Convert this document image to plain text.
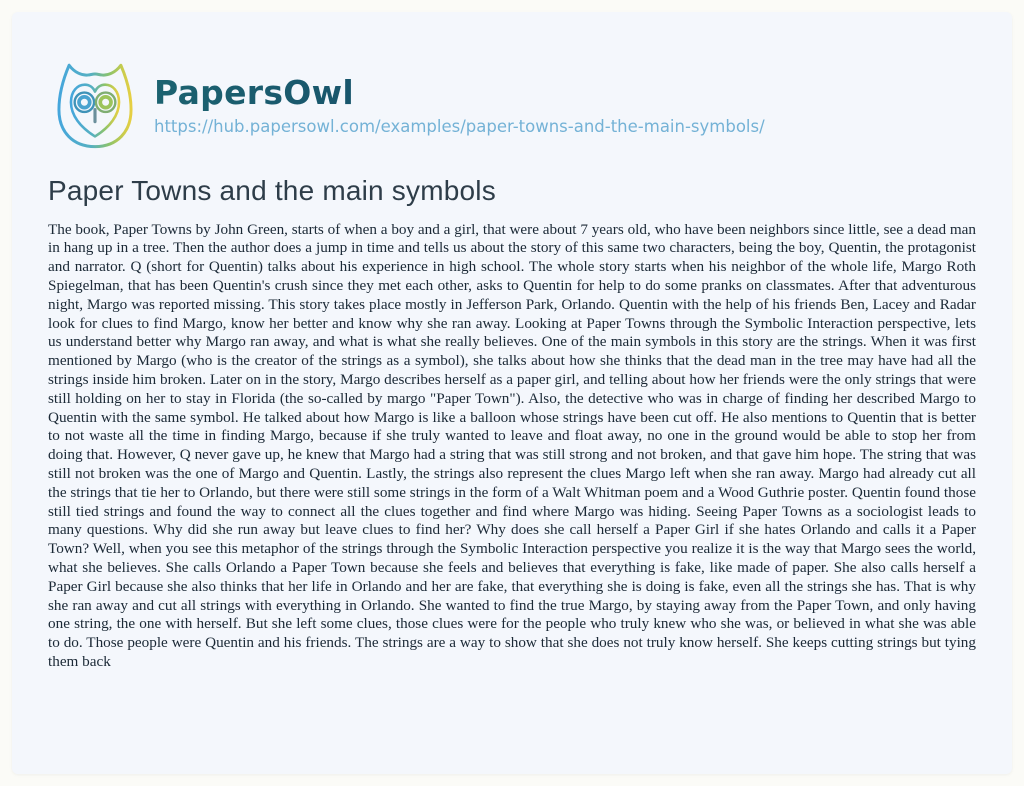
PapersOwl
https://hub.papersowl.com/examples/paper-towns-and-the-main-symbols/
Paper Towns and the main symbols

The book, Paper Towns by John Green, starts of when a boy and a girl, that were about 7 years old, who have been neighbors since little, see a dead man in hang up in a tree. Then the author does a jump in time and tells us about the story of this same two characters, being the boy, Quentin, the protagonist and narrator. Q (short for Quentin) talks about his experience in high school. The whole story starts when his neighbor of the whole life, Margo Roth Spiegelman, that has been Quentin's crush since they met each other, asks to Quentin for help to do some pranks on classmates. After that adventurous night, Margo was reported missing. This story takes place mostly in Jefferson Park, Orlando. Quentin with the help of his friends Ben, Lacey and Radar look for clues to find Margo, know her better and know why she ran away. Looking at Paper Towns through the Symbolic Interaction perspective, lets us understand better why Margo ran away, and what is what she really believes. One of the main symbols in this story are the strings. When it was first mentioned by Margo (who is the creator of the strings as a symbol), she talks about how she thinks that the dead man in the tree may have had all the strings inside him broken. Later on in the story, Margo describes herself as a paper girl, and telling about how her friends were the only strings that were still holding on her to stay in Florida (the so-called by margo "Paper Town"). Also, the detective who was in charge of finding her described Margo to Quentin with the same symbol. He talked about how Margo is like a balloon whose strings have been cut off. He also mentions to Quentin that is better to not waste all the time in finding Margo, because if she truly wanted to leave and float away, no one in the ground would be able to stop her from doing that. However, Q never gave up, he knew that Margo had a string that was still strong and not broken, and that gave him hope. The string that was still not broken was the one of Margo and Quentin. Lastly, the strings also represent the clues Margo left when she ran away. Margo had already cut all the strings that tie her to Orlando, but there were still some strings in the form of a Walt Whitman poem and a Wood Guthrie poster. Quentin found those still tied strings and found the way to connect all the clues together and find where Margo was hiding. Seeing Paper Towns as a sociologist leads to many questions. Why did she run away but leave clues to find her? Why does she call herself a Paper Girl if she hates Orlando and calls it a Paper Town? Well, when you see this metaphor of the strings through the Symbolic Interaction perspective you realize it is the way that Margo sees the world, what she believes. She calls Orlando a Paper Town because she feels and believes that everything is fake, like made of paper. She also calls herself a Paper Girl because she also thinks that her life in Orlando and her are fake, that everything she is doing is fake, even all the strings she has. That is why she ran away and cut all strings with everything in Orlando. She wanted to find the true Margo, by staying away from the Paper Town, and only having one string, the one with herself. But she left some clues, those clues were for the people who truly knew who she was, or believed in what she was able to do. Those people were Quentin and his friends. The strings are a way to show that she does not truly know herself. She keeps cutting strings but tying them back
